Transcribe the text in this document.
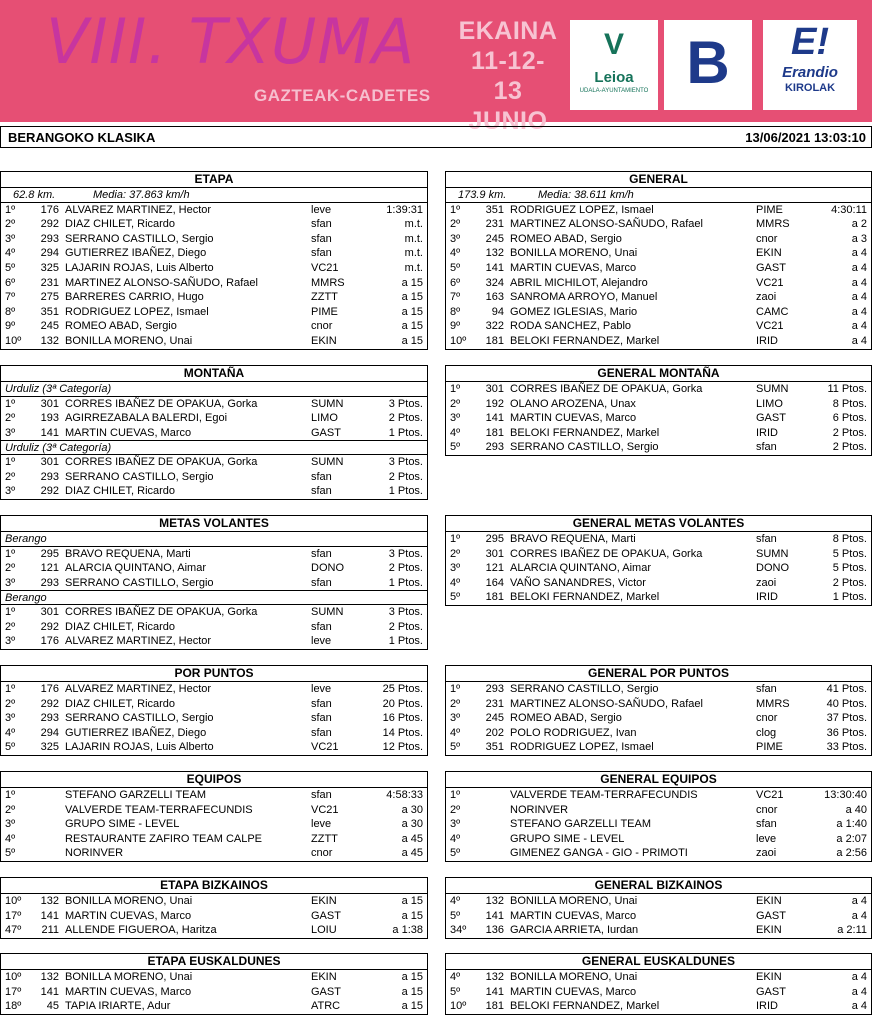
VIII. TXUMA
GAZTEAK-CADETES
EKAINA
11-12-13
JUNIO
V
Leioa
UDALA-AYUNTAMIENTO B	E!
Erandio
KIROLAK
BERANGOKO KLASIKA	13/06/2021 13:03:10
ETAPA
62.8 km.	Media: 37.863 km/h
1º	176 ALVAREZ MARTINEZ, Hector	leve	1:39:31
2º	292 DIAZ CHILET, Ricardo	sfan	m.t.
3º	293 SERRANO CASTILLO, Sergio	sfan	m.t.
4º	294 GUTIERREZ IBAÑEZ, Diego	sfan	m.t.
5º	325 LAJARIN ROJAS, Luis Alberto	VC21	m.t.
6º	231 MARTINEZ ALONSO-SAÑUDO, Rafael	MMRS	a 15
7º	275 BARRERES CARRIO, Hugo	ZZTT	a 15
8º	351 RODRIGUEZ LOPEZ, Ismael	PIME	a 15
9º	245 ROMEO ABAD, Sergio	cnor	a 15
10º	132 BONILLA MORENO, Unai	EKIN	a 15
GENERAL
173.9 km.	Media: 38.611 km/h
1º	351 RODRIGUEZ LOPEZ, Ismael	PIME	4:30:11
2º	231 MARTINEZ ALONSO-SAÑUDO, Rafael	MMRS	a 2
3º	245 ROMEO ABAD, Sergio	cnor	a 3
4º	132 BONILLA MORENO, Unai	EKIN	a 4
5º	141 MARTIN CUEVAS, Marco	GAST	a 4
6º	324 ABRIL MICHILOT, Alejandro	VC21	a 4
7º	163 SANROMA ARROYO, Manuel	zaoi	a 4
8º	94 GOMEZ IGLESIAS, Mario	CAMC	a 4
9º	322 RODA SANCHEZ, Pablo	VC21	a 4
10º	181 BELOKI FERNANDEZ, Markel	IRID	a 4
MONTAÑA
Urduliz (3ª Categoría)
1º	301 CORRES IBAÑEZ DE OPAKUA, Gorka	SUMN	3 Ptos.
2º	193 AGIRREZABALA BALERDI, Egoi	LIMO	2 Ptos.
3º	141 MARTIN CUEVAS, Marco	GAST	1 Ptos.
Urduliz (3ª Categoría)
1º	301 CORRES IBAÑEZ DE OPAKUA, Gorka	SUMN	3 Ptos.
2º	293 SERRANO CASTILLO, Sergio	sfan	2 Ptos.
3º	292 DIAZ CHILET, Ricardo	sfan	1 Ptos.
GENERAL MONTAÑA
1º	301 CORRES IBAÑEZ DE OPAKUA, Gorka	SUMN	11 Ptos.
2º	192 OLANO AROZENA, Unax	LIMO	8 Ptos.
3º	141 MARTIN CUEVAS, Marco	GAST	6 Ptos.
4º	181 BELOKI FERNANDEZ, Markel	IRID	2 Ptos.
5º	293 SERRANO CASTILLO, Sergio	sfan	2 Ptos.
METAS VOLANTES
Berango
1º	295 BRAVO REQUENA, Marti	sfan	3 Ptos.
2º	121 ALARCIA QUINTANO, Aimar	DONO	2 Ptos.
3º	293 SERRANO CASTILLO, Sergio	sfan	1 Ptos.
Berango
1º	301 CORRES IBAÑEZ DE OPAKUA, Gorka	SUMN	3 Ptos.
2º	292 DIAZ CHILET, Ricardo	sfan	2 Ptos.
3º	176 ALVAREZ MARTINEZ, Hector	leve	1 Ptos.
GENERAL METAS VOLANTES
1º	295 BRAVO REQUENA, Marti	sfan	8 Ptos.
2º	301 CORRES IBAÑEZ DE OPAKUA, Gorka	SUMN	5 Ptos.
3º	121 ALARCIA QUINTANO, Aimar	DONO	5 Ptos.
4º	164 VAÑO SANANDRES, Victor	zaoi	2 Ptos.
5º	181 BELOKI FERNANDEZ, Markel	IRID	1 Ptos.
POR PUNTOS
1º	176 ALVAREZ MARTINEZ, Hector	leve	25 Ptos.
2º	292 DIAZ CHILET, Ricardo	sfan	20 Ptos.
3º	293 SERRANO CASTILLO, Sergio	sfan	16 Ptos.
4º	294 GUTIERREZ IBAÑEZ, Diego	sfan	14 Ptos.
5º	325 LAJARIN ROJAS, Luis Alberto	VC21	12 Ptos.
GENERAL POR PUNTOS
1º	293 SERRANO CASTILLO, Sergio	sfan	41 Ptos.
2º	231 MARTINEZ ALONSO-SAÑUDO, Rafael	MMRS	40 Ptos.
3º	245 ROMEO ABAD, Sergio	cnor	37 Ptos.
4º	202 POLO RODRIGUEZ, Ivan	clog	36 Ptos.
5º	351 RODRIGUEZ LOPEZ, Ismael	PIME	33 Ptos.
EQUIPOS
1º	STEFANO GARZELLI TEAM	sfan	4:58:33
2º	VALVERDE TEAM-TERRAFECUNDIS	VC21	a 30
3º	GRUPO SIME - LEVEL	leve	a 30
4º	RESTAURANTE ZAFIRO TEAM CALPE	ZZTT	a 45
5º	NORINVER	cnor	a 45
GENERAL EQUIPOS
1º	VALVERDE TEAM-TERRAFECUNDIS	VC21	13:30:40
2º	NORINVER	cnor	a 40
3º	STEFANO GARZELLI TEAM	sfan	a 1:40
4º	GRUPO SIME - LEVEL	leve	a 2:07
5º	GIMENEZ GANGA - GIO - PRIMOTI	zaoi	a 2:56
ETAPA BIZKAINOS
10º	132 BONILLA MORENO, Unai	EKIN	a 15
17º	141 MARTIN CUEVAS, Marco	GAST	a 15
47º	211 ALLENDE FIGUEROA, Haritza	LOIU	a 1:38
GENERAL BIZKAINOS
4º	132 BONILLA MORENO, Unai	EKIN	a 4
5º	141 MARTIN CUEVAS, Marco	GAST	a 4
34º	136 GARCIA ARRIETA, Iurdan	EKIN	a 2:11
ETAPA EUSKALDUNES
10º	132 BONILLA MORENO, Unai	EKIN	a 15
17º	141 MARTIN CUEVAS, Marco	GAST	a 15
18º	45 TAPIA IRIARTE, Adur	ATRC	a 15
GENERAL EUSKALDUNES
4º	132 BONILLA MORENO, Unai	EKIN	a 4
5º	141 MARTIN CUEVAS, Marco	GAST	a 4
10º	181 BELOKI FERNANDEZ, Markel	IRID	a 4
